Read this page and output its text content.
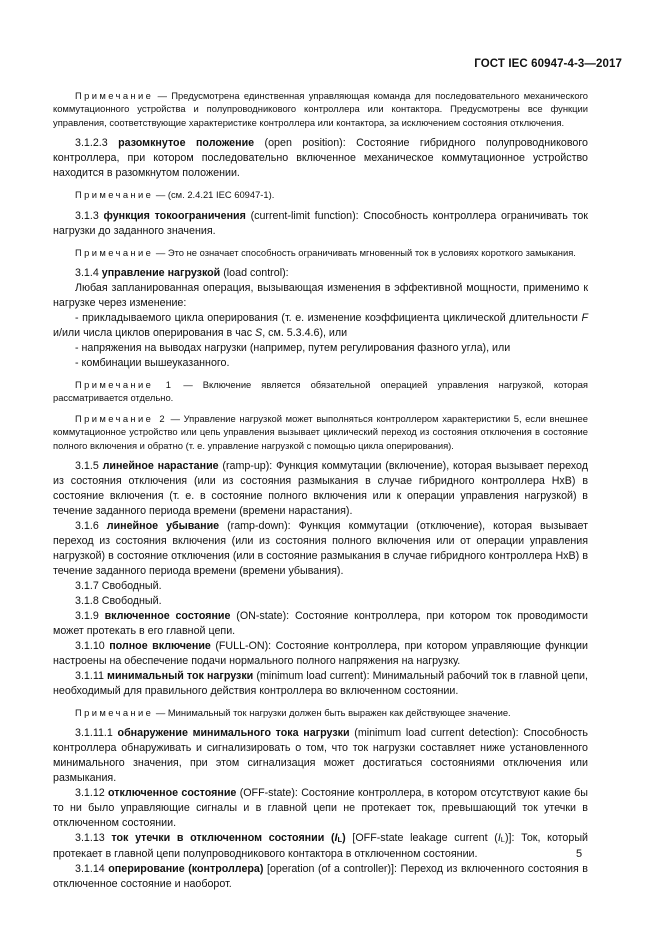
ГОСТ IEC 60947-4-3—2017

Примечание — Предусмотрена единственная управляющая команда для последовательного механического коммутационного устройства и полупроводникового контроллера или контактора. Предусмотрены все функции управления, соответствующие характеристике контроллера или контактора, за исключением состояния отключения.

3.1.2.3 разомкнутое положение (open position): Состояние гибридного полупроводникового контроллера, при котором последовательно включенное механическое коммутационное устройство находится в разомкнутом положении.

Примечание — (см. 2.4.21 IEC 60947-1).

3.1.3 функция токоограничения (current-limit function): Способность контроллера ограничивать ток нагрузки до заданного значения.

Примечание — Это не означает способность ограничивать мгновенный ток в условиях короткого замыкания.

3.1.4 управление нагрузкой (load control):

Любая запланированная операция, вызывающая изменения в эффективной мощности, применимо к нагрузке через изменение:

- прикладываемого цикла оперирования (т. е. изменение коэффициента циклической длительности F и/или числа циклов оперирования в час S, см. 5.3.4.6), или

- напряжения на выводах нагрузки (например, путем регулирования фазного угла), или

- комбинации вышеуказанного.

Примечание 1 — Включение является обязательной операцией управления нагрузкой, которая рассматривается отдельно.

Примечание 2 — Управление нагрузкой может выполняться контроллером характеристики 5, если внешнее коммутационное устройство или цепь управления вызывает циклический переход из состояния отключения в состояние полного включения и обратно (т. е. управление нагрузкой с помощью цикла оперирования).

3.1.5 линейное нарастание (ramp-up): Функция коммутации (включение), которая вызывает переход из состояния отключения (или из состояния размыкания в случае гибридного контроллера HxB) в состояние включения (т. е. в состояние полного включения или к операции управления нагрузкой) в течение заданного периода времени (времени нарастания).

3.1.6 линейное убывание (ramp-down): Функция коммутации (отключение), которая вызывает переход из состояния включения (или из состояния полного включения или от операции управления нагрузкой) в состояние отключения (или в состояние размыкания в случае гибридного контроллера HxB) в течение заданного периода времени (времени убывания).

3.1.7 Свободный.

3.1.8 Свободный.

3.1.9 включенное состояние (ON-state): Состояние контроллера, при котором ток проводимости может протекать в его главной цепи.

3.1.10 полное включение (FULL-ON): Состояние контроллера, при котором управляющие функции настроены на обеспечение подачи нормального полного напряжения на нагрузку.

3.1.11 минимальный ток нагрузки (minimum load current): Минимальный рабочий ток в главной цепи, необходимый для правильного действия контроллера во включенном состоянии.

Примечание — Минимальный ток нагрузки должен быть выражен как действующее значение.

3.1.11.1 обнаружение минимального тока нагрузки (minimum load current detection): Способность контроллера обнаруживать и сигнализировать о том, что ток нагрузки составляет ниже установленного минимального значения, при этом сигнализация может достигаться состояниями отключения или размыкания.

3.1.12 отключенное состояние (OFF-state): Состояние контроллера, в котором отсутствуют какие бы то ни было управляющие сигналы и в главной цепи не протекает ток, превышающий ток утечки в отключенном состоянии.

3.1.13 ток утечки в отключенном состоянии (IL) [OFF-state leakage current (IL)]: Ток, который протекает в главной цепи полупроводникового контактора в отключенном состоянии.

3.1.14 оперирование (контроллера) [operation (of a controller)]: Переход из включенного состояния в отключенное состояние и наоборот.

5
